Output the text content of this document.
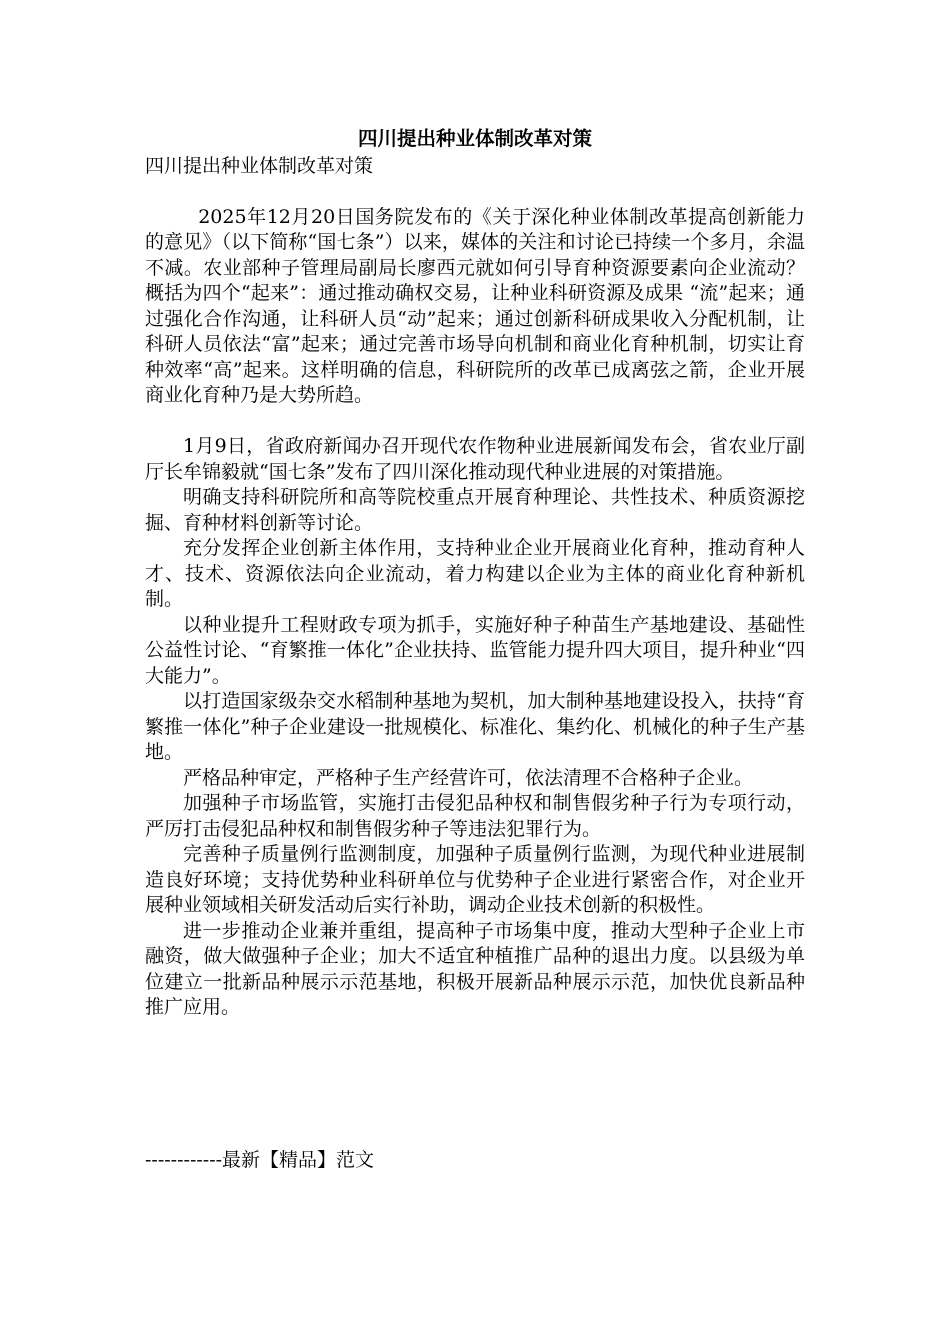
四川提出种业体制改革对策
四川提出种业体制改革对策

2025年12月20日国务院发布的《关于深化种业体制改革提高创新能力的意见》（以下简称“国七条”）以来，媒体的关注和讨论已持续一个多月，余温不减。农业部种子管理局副局长廖西元就如何引导育种资源要素向企业流动？概括为四个“起来”：通过推动确权交易，让种业科研资源及成果 “流”起来；通过强化合作沟通，让科研人员“动”起来；通过创新科研成果收入分配机制，让科研人员依法“富”起来；通过完善市场导向机制和商业化育种机制，切实让育种效率“高”起来。这样明确的信息，科研院所的改革已成离弦之箭，企业开展商业化育种乃是大势所趋。

1月9日，省政府新闻办召开现代农作物种业进展新闻发布会，省农业厅副厅长牟锦毅就“国七条”发布了四川深化推动现代种业进展的对策措施。

明确支持科研院所和高等院校重点开展育种理论、共性技术、种质资源挖掘、育种材料创新等讨论。

充分发挥企业创新主体作用，支持种业企业开展商业化育种，推动育种人才、技术、资源依法向企业流动，着力构建以企业为主体的商业化育种新机制。

以种业提升工程财政专项为抓手，实施好种子种苗生产基地建设、基础性公益性讨论、“育繁推一体化”企业扶持、监管能力提升四大项目，提升种业“四大能力”。

以打造国家级杂交水稻制种基地为契机，加大制种基地建设投入，扶持“育繁推一体化”种子企业建设一批规模化、标准化、集约化、机械化的种子生产基地。

严格品种审定，严格种子生产经营许可，依法清理不合格种子企业。

加强种子市场监管，实施打击侵犯品种权和制售假劣种子行为专项行动，严厉打击侵犯品种权和制售假劣种子等违法犯罪行为。

完善种子质量例行监测制度，加强种子质量例行监测，为现代种业进展制造良好环境；支持优势种业科研单位与优势种子企业进行紧密合作，对企业开展种业领域相关研发活动后实行补助，调动企业技术创新的积极性。

进一步推动企业兼并重组，提高种子市场集中度，推动大型种子企业上市融资，做大做强种子企业；加大不适宜种植推广品种的退出力度。以县级为单位建立一批新品种展示示范基地，积极开展新品种展示示范，加快优良新品种推广应用。

------------最新【精品】范文
